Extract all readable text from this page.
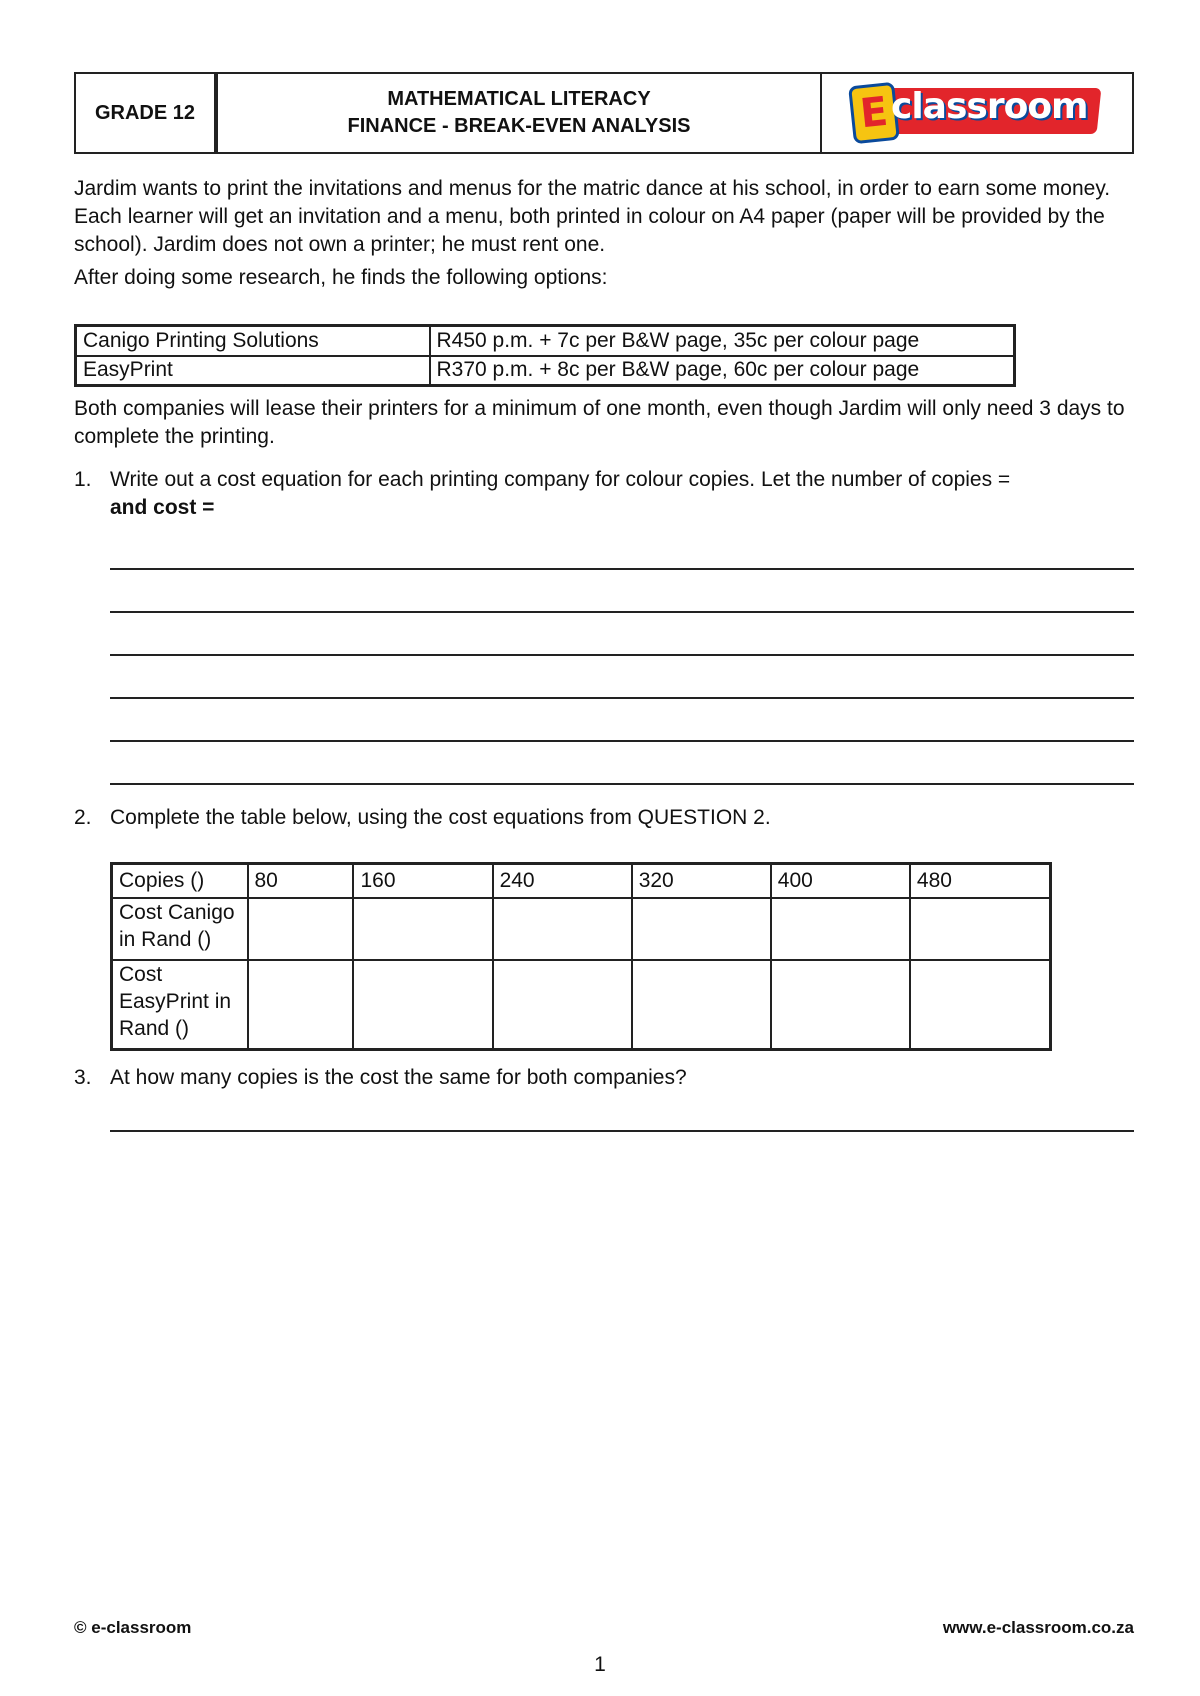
GRADE 12
MATHEMATICAL LITERACY
FINANCE - BREAK-EVEN ANALYSIS	E classroom
Jardim wants to print the invitations and menus for the matric dance at his school, in order to earn some money. Each learner will get an invitation and a menu, both printed in colour on A4 paper (paper will be provided by the school). Jardim does not own a printer; he must rent one.
After doing some research, he finds the following options:
Canigo Printing Solutions	R450 p.m. + 7c per B&W page, 35c per colour page
EasyPrint	R370 p.m. + 8c per B&W page, 60c per colour page
Both companies will lease their printers for a minimum of one month, even though Jardim will only need 3 days to complete the printing.
1. Write out a cost equation for each printing company for colour copies. Let the number of copies =
and cost =
2. Complete the table below, using the cost equations from QUESTION 2.
Copies ()	80	160	240	320	400	480
Cost Canigo in Rand ()						
Cost EasyPrint in Rand ()						
3. At how many copies is the cost the same for both companies?
© e-classroom	www.e-classroom.co.za
1
